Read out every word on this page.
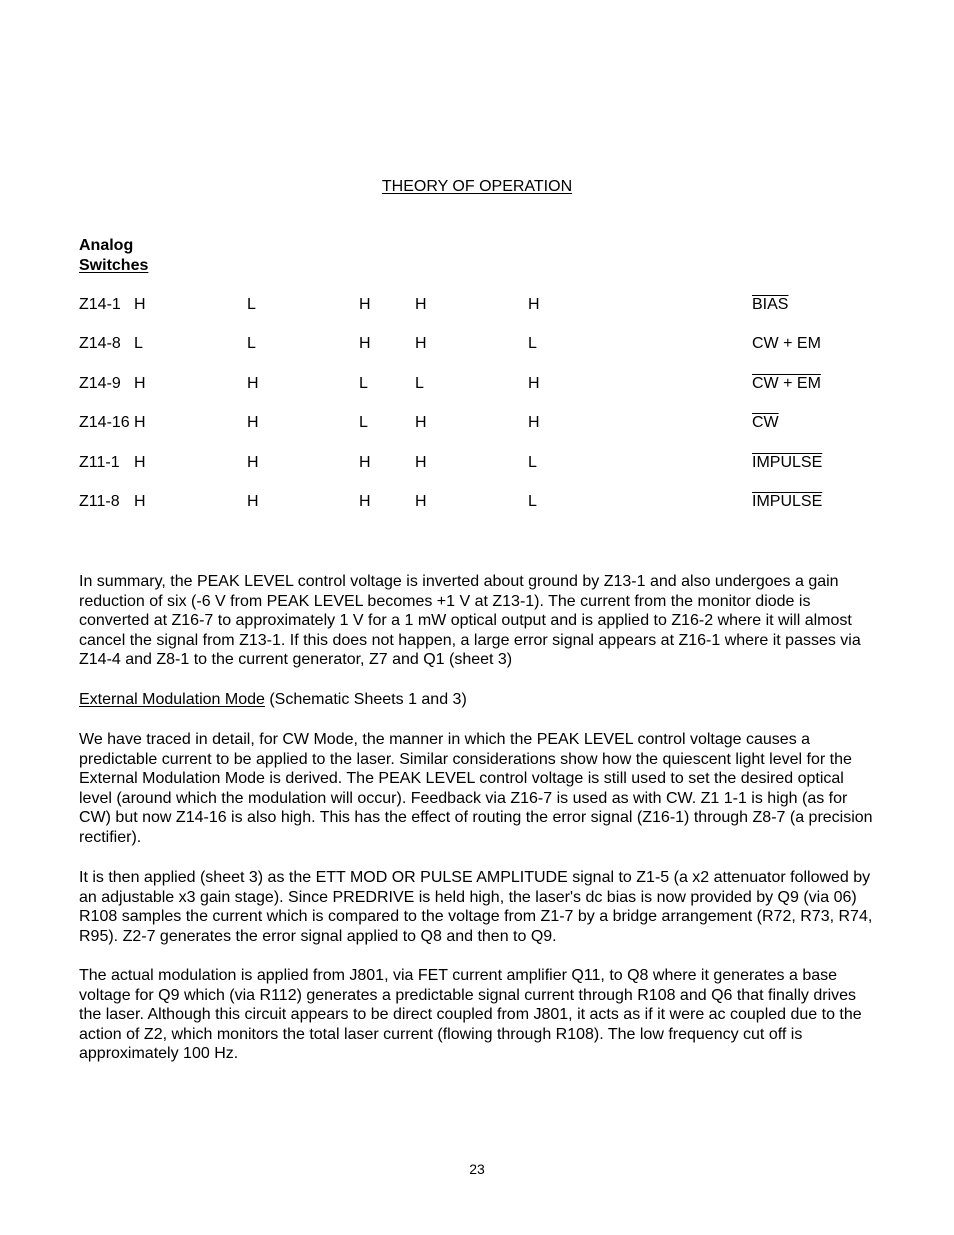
THEORY OF OPERATION
Analog
Switches
Z14-1 H	L	H	H	H	BIAS
Z14-8 L	L	H	H	L	CW + EM
Z14-9 H	H	L	L	H	CW + EM
Z14-16 H	H	L	H	H	$\overline{CW}$
Z11-1 H	H	H	H	L	IMPULSE
Z11-8 H	H	H	H	L	IMPULSE

In summary, the PEAK LEVEL control voltage is inverted about ground by Z13-1 and also undergoes a gain reduction of six (-6 V from PEAK LEVEL becomes +1 V at Z13-1). The current from the monitor diode is converted at Z16-7 to approximately 1 V for a 1 mW optical output and is applied to Z16-2 where it will almost cancel the signal from Z13-1. If this does not happen, a large error signal appears at Z16-1 where it passes via Z14-4 and Z8-1 to the current generator, Z7 and Q1 (sheet 3)

External Modulation Mode (Schematic Sheets 1 and 3)

We have traced in detail, for CW Mode, the manner in which the PEAK LEVEL control voltage causes a predictable current to be applied to the laser. Similar considerations show how the quiescent light level for the External Modulation Mode is derived. The PEAK LEVEL control voltage is still used to set the desired optical level (around which the modulation will occur). Feedback via Z16-7 is used as with CW. Z1 1-1 is high (as for CW) but now Z14-16 is also high. This has the effect of routing the error signal (Z16-1) through Z8-7 (a precision rectifier).

It is then applied (sheet 3) as the ETT MOD OR PULSE AMPLITUDE signal to Z1-5 (a x2 attenuator followed by an adjustable x3 gain stage). Since PREDRIVE is held high, the laser's dc bias is now provided by Q9 (via 06) R108 samples the current which is compared to the voltage from Z1-7 by a bridge arrangement (R72, R73, R74, R95). Z2-7 generates the error signal applied to Q8 and then to Q9.

The actual modulation is applied from J801, via FET current amplifier Q11, to Q8 where it generates a base voltage for Q9 which (via R112) generates a predictable signal current through R108 and Q6 that finally drives the laser. Although this circuit appears to be direct coupled from J801, it acts as if it were ac coupled due to the action of Z2, which monitors the total laser current (flowing through R108). The low frequency cut off is approximately 100 Hz.

23
